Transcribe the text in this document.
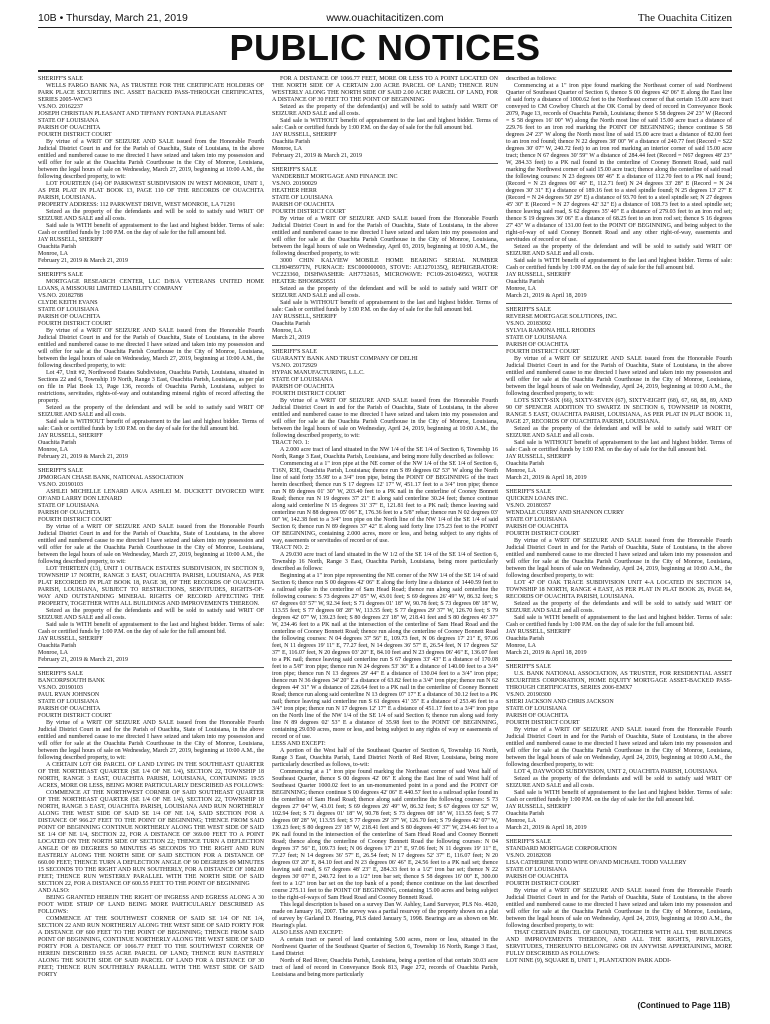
10B • Thursday, March 21, 2019	www.ouachitacitizen.com	The Ouachita Citizen
PUBLIC NOTICES

SHERIFF'S SALE

WELLS FARGO BANK NA, AS TRUSTEE FOR THE CERTIFICATE HOLDERS OF PARK PLACE SECURITIES INC. ASSET BACKED PASS-THROUGH CERTIFICATES, SERIES 2005-WCW3

VS.NO. 20162237

JOSEPH CHRISTIAN PLEASANT AND TIFFANY FONTANA PLEASANT

STATE OF LOUISIANA

PARISH OF OUACHITA

FOURTH DISTRICT COURT

By virtue of a WRIT OF SEIZURE AND SALE issued from the Honorable Fourth Judicial District Court in and for the Parish of Ouachita, State of Louisiana, in the above entitled and numbered cause to me directed I have seized and taken into my possession and will offer for sale at the Ouachita Parish Courthouse in the City of Monroe, Louisiana, between the legal hours of sale on Wednesday, March 27, 2019, beginning at 10:00 A.M., the following described property, to wit:

LOT FOURTEEN (14) OF PARKWEST SUBDIVISION IN WEST MONROE, UNIT 1, AS PER PLAT IN PLAT BOOK 13, PAGE 110 OF THE RECORDS OF OUACHITA PARISH, LOUISIANA.

PROPERTY ADDRESS: 112 PARKWEST DRIVE, WEST MONROE, LA 71291

Seized as the property of the defendants and will be sold to satisfy said WRIT OF SEIZURE AND SALE and all costs.

Said sale is WITH benefit of appraisement to the last and highest bidder. Terms of sale: Cash or certified funds by 1:00 P.M. on the day of sale for the full amount bid.

JAY RUSSELL, SHERIFF

Ouachita Parish

Monroe, LA

February 21, 2019 & March 21, 2019

SHERIFF'S SALE

MORTGAGE RESEARCH CENTER, LLC D/B/A VETERANS UNITED HOME LOANS, A MISSOURI LIMITED LIABILITY COMPANY

VS.NO. 20182788

CLYDE KEITH EVANS

STATE OF LOUISIANA

PARISH OF OUACHITA

FOURTH DISTRICT COURT

By virtue of a WRIT OF SEIZURE AND SALE issued from the Honorable Fourth Judicial District Court in and for the Parish of Ouachita, State of Louisiana, in the above entitled and numbered cause to me directed I have seized and taken into my possession and will offer for sale at the Ouachita Parish Courthouse in the City of Monroe, Louisiana, between the legal hours of sale on Wednesday, March 27, 2019, beginning at 10:00 A.M., the following described property, to wit:

Lot 47, Unit #2, Northwood Estates Subdivision, Ouachita Parish, Louisiana, situated in Sections 22 and 6, Township 19 North, Range 3 East, Ouachita Parish, Louisiana, as per plat on file in Plat Book 13, Page 136, records of Ouachita Parish, Louisiana, subject to restrictions, servitudes, rights-of-way and outstanding mineral rights of record affecting the property.

Seized as the property of the defendant and will be sold to satisfy said WRIT OF SEIZURE AND SALE and all costs.

Said sale is WITHOUT benefit of appraisement to the last and highest bidder. Terms of sale: Cash or certified funds by 1:00 P.M. on the day of sale for the full amount bid.

JAY RUSSELL, SHERIFF

Ouachita Parish

Monroe, LA

February 21, 2019 & March 21, 2019

SHERIFF'S SALE

JPMORGAN CHASE BANK, NATIONAL ASSOCIATION

VS.NO. 20190103

ASHLEI MICHELLE LENARD A/K/A ASHLEI M. DUCKETT DIVORCED WIFE OF/AND LARRY DON LENARD

STATE OF LOUISIANA

PARISH OF OUACHITA

FOURTH DISTRICT COURT

By virtue of a WRIT OF SEIZURE AND SALE issued from the Honorable Fourth Judicial District Court in and for the Parish of Ouachita, State of Louisiana, in the above entitled and numbered cause to me directed I have seized and taken into my possession and will offer for sale at the Ouachita Parish Courthouse in the City of Monroe, Louisiana, between the legal hours of sale on Wednesday, March 27, 2019, beginning at 10:00 A.M., the following described property, to wit:

LOT THIRTEEN (13), UNIT 1 OUTBACK ESTATES SUBDIVISION, IN SECTION 9, TOWNSHIP 17 NORTH, RANGE 3 EAST, OUACHITA PARISH, LOUISIANA, AS PER PLAT RECORDED IN PLAT BOOK 18, PAGE 38, OF THE RECORDS OF OUACHITA PARISH, LOUISIANA, SUBJECT TO RESTRICTIONS, SERVITUDES, RIGHTS-OF-WAY AND OUTSTANDING MINERAL RIGHTS OF RECORD AFFECTING THE PROPERTY, TOGETHER WITH ALL BUILDINGS AND IMPROVEMENTS THEREON.

Seized as the property of the defendants and will be sold to satisfy said WRIT OF SEIZURE AND SALE and all costs.

Said sale is WITH benefit of appraisement to the last and highest bidder. Terms of sale: Cash or certified funds by 1:00 P.M. on the day of sale for the full amount bid.

JAY RUSSELL, SHERIFF

Ouachita Parish

Monroe, LA

February 21, 2019 & March 21, 2019

SHERIFF'S SALE

BANCORPSOUTH BANK

VS.NO. 20190103

PAUL RYAN JOHNSON

STATE OF LOUISIANA

PARISH OF OUACHITA

FOURTH DISTRICT COURT

By virtue of a WRIT OF SEIZURE AND SALE issued from the Honorable Fourth Judicial District Court in and for the Parish of Ouachita, State of Louisiana, in the above entitled and numbered cause to me directed I have seized and taken into my possession and will offer for sale at the Ouachita Parish Courthouse in the City of Monroe, Louisiana, between the legal hours of sale on Wednesday, March 27, 2019, beginning at 10:00 A.M., the following described property, to wit:

A CERTAIN LOT OR PARCEL OF LAND LYING IN THE SOUTHEAST QUARTER OF THE NORTHEAST QUARTER (SE 1/4 OF NE 1/4), SECTION 22, TOWNSHIP 18 NORTH, RANGE 3 EAST, OUACHITA PARISH, LOUISIANA, CONTAINING 19.55 ACRES, MORE OR LESS, BEING MORE PARTICULARLY DESCRIBED AS FOLLOWS:

COMMENCE AT THE NORTHWEST CORNER OF SAID SOUTHEAST QUARTER OF THE NORTHEAST QUARTER (SE 1/4 OF NE 1/4), SECTION 22, TOWNSHIP 18 NORTH, RANGE 3 EAST, OUACHITA PARISH, LOUISIANA AND RUN NORTHERLY ALONG THE WEST SIDE OF SAID SE 1/4 OF NE 1/4, SAID SECTION FOR A DISTANCE OF 966.27 FEET TO THE POINT OF BEGINNING; THENCE FROM SAID POINT OF BEGINNING CONTINUE NORTHERLY ALONG THE WEST SIDE OF SAID SE 1/4 OF NE 1/4, SECTION 22, FOR A DISTANCE OF 369.00 FEET TO A POINT LOCATED ON THE NORTH SIDE OF SECTION 22; THENCE TURN A DEFLECTION ANGLE OF 89 DEGREES 50 MINUTES 45 SECONDS TO THE RIGHT AND RUN EASTERLY ALONG THE NORTH SIDE OF SAID SECTION FOR A DISTANCE OF 660.00 FEET; THENCE TURN A DEFLECTION ANGLE OF 90 DEGREES 09 MINUTES 15 SECONDS TO THE RIGHT AND RUN SOUTHERLY, FOR A DISTANCE OF 1082.00 FEET; THENCE RUN WESTERLY PARALLEL WITH THE NORTH SIDE OF SAID SECTION 22, FOR A DISTANCE OF 600.55 FEET TO THE POINT OF BEGINNING

AND ALSO:

BEING GRANTED HEREIN THE RIGHT OF INGRESS AND EGRESS ALONG A 30 FOOT WIDE STRIP OF LAND BEING MORE PARTICULARLY DESCRIBED AS FOLLOWS:

COMMENCE AT THE SOUTHWEST CORNER OF SAID SE 1/4 OF NE 1/4, SECTION 22 AND RUN NORTHERLY ALONG THE WEST SIDE OF SAID FORTY FOR A DISTANCE OF 600 FEET TO THE POINT OF BEGINNING; THENCE FROM SAID POINT OF BEGINNING, CONTINUE NORTHERLY ALONG THE WEST SIDE OF SAID FORTY FOR A DISTANCE OF 1066.77 FEET TO THE SOUTHWEST CORNER OF HEREIN DESCRIBED 19.55 ACRE PARCEL OF LAND; THENCE RUN EASTERLY ALONG THE SOUTH SIDE OF SAID PARCEL OF LAND FOR A DISTANCE OF 30 FEET; THENCE RUN SOUTHERLY PARALLEL WITH THE WEST SIDE OF SAID FORTY

FOR A DISTANCE OF 1066.77 FEET, MORE OR LESS TO A POINT LOCATED ON THE NORTH SIDE OF A CERTAIN 2.00 ACRE PARCEL OF LAND; THENCE RUN WESTERLY ALONG THE NORTH SIDE OF SAID 2.00 ACRE PARCEL OF LAND, FOR A DISTANCE OF 30 FEET TO THE POINT OF BEGINNING

Seized as the property of the defendant(s) and will be sold to satisfy said WRIT OF SEIZURE AND SALE and all costs.

Said sale is WITHOUT benefit of appraisement to the last and highest bidder. Terms of sale: Cash or certified funds by 1:00 P.M. on the day of sale for the full amount bid.

JAY RUSSELL, SHERIFF

Ouachita Parish

Monroe, LA

February 21, 2019 & March 21, 2019

SHERIFF'S SALE

VANDERBILT MORTGAGE AND FINANCE INC

VS.NO. 20190029

HEATHER HERR

STATE OF LOUISIANA

PARISH OF OUACHITA

FOURTH DISTRICT COURT

By virtue of a WRIT OF SEIZURE AND SALE issued from the Honorable Fourth Judicial District Court in and for the Parish of Ouachita, State of Louisiana, in the above entitled and numbered cause to me directed I have seized and taken into my possession and will offer for sale at the Ouachita Parish Courthouse in the City of Monroe, Louisiana, between the legal hours of sale on Wednesday, April 03, 2019, beginning at 10:00 A.M., the following described property, to wit:

3000 CHIN KALVIEW MOBILE HOME BEARING SERIAL NUMBER CLH048597TN, FURNACE: ESC000000003, STOVE: AE1270135Q, REFRIGERATOR: VC223360, DISHWASHER: AH7732615, MICROWAVE: FC109-261049563, WATER HEATER: BHO69B29551

Seized as the property of the defendant and will be sold to satisfy said WRIT OF SEIZURE AND SALE and all costs.

Said sale is WITHOUT benefit of appraisement to the last and highest bidder. Terms of sale: Cash or certified funds by 1:00 P.M. on the day of sale for the full amount bid.

JAY RUSSELL, SHERIFF

Ouachita Parish

Monroe, LA

March 21, 2019

SHERIFF'S SALE

GUARANTY BANK AND TRUST COMPANY OF DELHI

VS.NO. 20172929

HYPAK MANUFACTURING, L.L.C.

STATE OF LOUISIANA

PARISH OF OUACHITA

FOURTH DISTRICT COURT

By virtue of a WRIT OF SEIZURE AND SALE issued from the Honorable Fourth Judicial District Court in and for the Parish of Ouachita, State of Louisiana, in the above entitled and numbered cause to me directed I have seized and taken into my possession and will offer for sale at the Ouachita Parish Courthouse in the City of Monroe, Louisiana, between the legal hours of sale on Wednesday, April 24, 2019, beginning at 10:00 A.M., the following described property, to wit:

TRACT NO. 1:

A 2.000 acre tract of land situated in the NW 1/4 of the SE 1/4 of Section 6, Township 16 North, Range 3 East, Ouachita Parish, Louisiana, and being more fully described as follows:

Commencing at a 1" iron pipe at the NE corner of the NW 1/4 of the SE 1/4 of Section 6, T16N, R3E, Ouachita Parish, Louisiana; thence run S 89 degrees 02' 53" W along the North line of said forty 35.98' to a 3/4" iron pipe, being the POINT OF BEGINNING of the tract herein described; thence run S 17 degrees 12' 17" W, 451.17 feet to a 3/4" iron pipe; thence run N 89 degrees 01' 30" W, 203.40 feet to a PK nail in the centerline of Cooney Bonnett Road; thence run N 19 degrees 37' 21" E along said centerline 30.24 feet; thence continue along said centerline N 15 degrees 31' 37" E, 121.81 feet to a PK nail; thence leaving said centerline run N 88 degrees 05' 06" E, 176.36 feet to a 5/8" rebar; thence run N 02 degrees 03' 00" W, 142.38 feet to a 3/4" iron pipe on the North line of the NW 1/4 of the SE 1/4 of said Section 6; thence run N 89 degrees 37' 42" E along said forty line 175.23 feet to the POINT OF BEGINNING, containing 2.000 acres, more or less, and being subject to any rights of way, easements or servitudes of record or of use.

TRACT NO. 2:

A 29.030 acre tract of land situated in the W 1/2 of the SE 1/4 of the SE 1/4 of Section 6, Township 16 North, Range 3 East, Ouachita Parish, Louisiana, being more particularly described as follows:

Beginning at a 1" iron pipe representing the NE corner of the NW 1/4 of the SE 1/4 of said Section 6; thence run S 00 degrees 42' 06" E along the forty line a distance of 1440.59 feet to a railroad spike in the centerline of Sam Head Road; thence run along said centerline the following courses: S 73 degrees 27' 05" W, 43.01 feet; S 69 degrees 26' 49" W, 86.32 feet; S 67 degrees 03' 57" W, 92.34 feet; S 71 degrees 01' 18" W, 90.78 feet; S 73 degrees 08' 18" W, 113.55 feet; S 77 degrees 08' 28" W, 113.55 feet; S 77 degrees 29' 37" W, 126.70 feet; S 79 degrees 42' 07" W, 139.23 feet; S 80 degrees 23' 18" W, 218.41 feet and S 80 degrees 46' 37" W, 234.46 feet to a PK nail at the intersection of the centerline of Sam Head Road and the centerline of Cooney Bonnett Road; thence run along the centerline of Cooney Bonnett Road the following courses: N 04 degrees 37' 56" E, 109.73 feet, N 06 degrees 17' 21" E, 97.06 feet, N 11 degrees 19' 11" E, 77.27 feet, N 14 degrees 36' 57" E, 26.54 feet, N 17 degrees 52' 37" E, 116.07 feet, N 20 degrees 03' 20" E, 84.10 feet and N 23 degrees 06' 46" E, 136.07 feet to a PK nail; thence leaving said centerline run S 67 degrees 33' 43" E a distance of 170.08 feet to a 5/8" iron pipe; thence run N 24 degrees 53' 36" E a distance of 140.00 feet to a 3/4" iron pipe; thence run N 13 degrees 29' 44" E a distance of 130.04 feet to a 3/4" iron pipe; thence run N 36 degrees 34' 20" E a distance of 63.82 feet to a 3/4" iron pipe; thence run N 62 degrees 44' 31" W a distance of 226.64 feet to a PK nail in the centerline of Cooney Bonnett Road; thence run along said centerline N 13 degrees 07' 17" E a distance of 30.12 feet to a PK nail; thence leaving said centerline run S 61 degrees 41' 35" E a distance of 253.46 feet to a 3/4" iron pipe; thence run N 17 degrees 12' 17" E a distance of 451.17 feet to a 3/4" iron pipe on the North line of the NW 1/4 of the SE 1/4 of said Section 6; thence run along said forty line N 89 degrees 02' 53" E a distance of 35.98 feet to the POINT OF BEGINNING, containing 29.030 acres, more or less, and being subject to any rights of way or easements of record or of use.

LESS AND EXCEPT:

A portion of the West half of the Southeast Quarter of Section 6, Township 16 North, Range 3 East, Ouachita Parish, Land District North of Red River, Louisiana, being more particularly described as follows, to-wit:

Commencing at a 1" iron pipe found marking the Northeast corner of said West half of Southeast Quarter, thence S 00 degrees 42' 06" E along the East line of said West half of Southeast Quarter 1000.02 feet to an un-monumented point in a pond and the POINT OF BEGINNING; thence continue S 00 degrees 42' 06" E 440.57 feet to a railroad spike found in the centerline of Sam Head Road; thence along said centerline the following courses: S 73 degrees 27' 04" W, 43.01 feet; S 69 degrees 26' 49" W, 86.32 feet; S 67 degrees 03' 52" W, 102.94 feet; S 71 degrees 01' 18" W, 90.78 feet; S 73 degrees 08' 18" W, 113.55 feet; S 77 degrees 08' 28" W, 113.55 feet; S 77 degrees 29' 37" W, 126.70 feet; S 79 degrees 42' 07" W, 139.23 feet; S 80 degrees 23' 18" W, 218.41 feet and S 80 degrees 46' 37" W, 234.46 feet to a PK nail found in the intersection of the centerline of Sam Head Road and Cooney Bonnett Road; thence along the centerline of Cooney Bonnett Road the following courses: N 04 degrees 37' 56" E, 109.73 feet; N 06 degrees 17' 21" E, 97.06 feet; N 11 degrees 19' 11" E, 77.27 feet; N 14 degrees 36' 57" E, 26.54 feet; N 17 degrees 52' 37" E, 116.07 feet; N 20 degrees 03' 20" E, 84.10 feet and N 23 degrees 06' 46" E, 24.56 feet to a PK nail set; thence leaving said road, S 67 degrees 48' 23" E, 284.33 feet to a 1/2" iron bar set; thence N 22 degrees 30' 07" E, 240.72 feet to a 1/2" iron bar set; thence S 58 degrees 16' 00" E, 300.00 feet to a 1/2" iron bar set on the top bank of a pond; thence continue on the last described course 275.11 feet to the POINT OF BEGINNING, containing 15.00 acres and being subject to the right-of-ways of Sam Head Road and Cooney Bonnett Road.

This legal description is based on a survey Dan W. Ashley, Land Surveyor, PLS No. 4620, made on January 16, 2007. The survey was a partial resurvey of the property shown on a plat of survey by Garland D. Hearing, PLS dated January 5, 1998. Bearings are as shown on Mr. Hearing's plat.

ALSO LESS AND EXCEPT:

A certain tract or parcel of land containing 5.00 acres, more or less, situated in the Northwest Quarter of the Southeast Quarter of Section 6, Township 16 North, Range 3 East, Land District

North of Red River, Ouachita Parish, Louisiana, being a portion of that certain 30.03 acre tract of land of record in Conveyance Book 813, Page 272, records of Ouachita Parish, Louisiana and being more particularly

described as follows:

Commencing at a 1" iron pipe found marking the Northeast corner of said Northwest Quarter of Southeast Quarter of Section 6, thence S 00 degrees 42' 06" E along the East line of said forty a distance of 1000.62 feet to the Northeast corner of that certain 15.00 acre tract conveyed to CM Cowboy Church at the OK Corral by deed of record in Conveyance Book 2079, Page 13, records of Ouachita Parish, Louisiana; thence S 58 degrees 24' 23" W (Record = S 58 degrees 16' 00" W) along the North most line of said 15.00 acre tract a distance of 229.76 feet to an iron rod marking the POINT OF BEGINNING; thence continue S 58 degrees 24' 23" W along the North most line of said 15.00 acre tract a distance of 82.00 feet to an iron rod found; thence N 22 degrees 38' 00" W a distance of 240.77 feet (Record = S22 degrees 30' 07" W, 240.72 feet) to an iron rod marking an interior corner of said 15.00 acre tract; thence N 67 degrees 30' 59" W a distance of 284.44 feet (Record = N67 degrees 48' 23" W, 284.33 feet) to a PK nail found in the centerline of Cooney Bonnett Road, said nail marking the Northwest corner of said 15.00 acre tract; thence along the centerline of said road the following courses: N 23 degrees 08' 46" E a distance of 112.70 feet to a PK nail found; (Record = N 23 degrees 06' 46" E, 112.71 feet) N 24 degrees 33' 28" E (Record = N 24 degrees 30' 31" E) a distance of 189.16 feet to a steel spindle found; N 25 degrees 13' 27" E (Record = N 24 degrees 50' 29" E) a distance of 93.70 feet to a steel spindle set; N 27 degrees 45' 30" E (Record = N 27 degrees 42' 32" E) a distance of 108.73 feet to a steel spindle set; thence leaving said road, S 62 degrees 35' 40" E a distance of 279.03 feet to an iron rod set; thence S 19 degrees 36' 06" E a distance of 68.25 feet to an iron rod set; thence S 16 degrees 27' 43" W a distance of 131.00 feet to the POINT OF BEGINNING, and being subject to the right-of-way of said Cooney Bonnett Road and any other right-of-way, easements and servitudes of record or of use.

Seized as the property of the defendant and will be sold to satisfy said WRIT OF SEIZURE AND SALE and all costs.

Said sale is WITH benefit of appraisement to the last and highest bidder. Terms of sale: Cash or certified funds by 1:00 P.M. on the day of sale for the full amount bid.

JAY RUSSELL, SHERIFF

Ouachita Parish

Monroe, LA

March 21, 2019 & April 18, 2019

SHERIFF'S SALE

REVERSE MORTGAGE SOLUTIONS, INC.

VS.NO. 20183092

SYLVIA RAMONA HILL RHODES

STATE OF LOUISIANA

PARISH OF OUACHITA

FOURTH DISTRICT COURT

By virtue of a WRIT OF SEIZURE AND SALE issued from the Honorable Fourth Judicial District Court in and for the Parish of Ouachita, State of Louisiana, in the above entitled and numbered cause to me directed I have seized and taken into my possession and will offer for sale at the Ouachita Parish Courthouse in the City of Monroe, Louisiana, between the legal hours of sale on Wednesday, April 24, 2019, beginning at 10:00 A.M., the following described property, to wit:

LOTS SIXTY-SIX (66), SIXTY-SEVEN (67), SIXTY-EIGHT (68), 67, 68, 88, 89, AND 90 OF SPENCER ADDITION TO SWARTZ IN SECTION 6, TOWNSHIP 18 NORTH, RANGE 5 EAST, OUACHITA PARISH, LOUISIANA, AS PER PLAT IN PLAT BOOK 11, PAGE 27, RECORDS OF OUACHITA PARISH, LOUISIANA.

Seized as the property of the defendant and will be sold to satisfy said WRIT OF SEIZURE AND SALE and all costs.

Said sale is WITHOUT benefit of appraisement to the last and highest bidder. Terms of sale: Cash or certified funds by 1:00 P.M. on the day of sale for the full amount bid.

JAY RUSSELL, SHERIFF

Ouachita Parish

Monroe, LA

March 21, 2019 & April 18, 2019

SHERIFF'S SALE

QUICKEN LOANS INC.

VS.NO. 20180357

WENDALE CURRY AND SHANNON CURRY

STATE OF LOUISIANA

PARISH OF OUACHITA

FOURTH DISTRICT COURT

By virtue of a WRIT OF SEIZURE AND SALE issued from the Honorable Fourth Judicial District Court in and for the Parish of Ouachita, State of Louisiana, in the above entitled and numbered cause to me directed I have seized and taken into my possession and will offer for sale at the Ouachita Parish Courthouse in the City of Monroe, Louisiana, between the legal hours of sale on Wednesday, April 24, 2019, beginning at 10:00 A.M., the following described property, to wit:

LOT 47 OF OAK TRACE SUBDIVISION UNIT 4-A LOCATED IN SECTION 14, TOWNSHIP 18 NORTH, RANGE 4 EAST, AS PER PLAT IN PLAT BOOK 26, PAGE 84, RECORDS OF OUACHITA PARISH, LOUISIANA.

Seized as the property of the defendants and will be sold to satisfy said WRIT OF SEIZURE AND SALE and all costs.

Said sale is WITH benefit of appraisement to the last and highest bidder. Terms of sale: Cash or certified funds by 1:00 P.M. on the day of sale for the full amount bid.

JAY RUSSELL, SHERIFF

Ouachita Parish

Monroe, LA

March 21, 2019 & April 18, 2019

SHERIFF'S SALE

U.S. BANK NATIONAL ASSOCIATION, AS TRUSTEE, FOR RESIDENTIAL ASSET SECURITIES CORPORATION, HOME EQUITY MORTGAGE ASSET-BACKED PASS-THROUGH CERTIFICATES, SERIES 2006-EMX7

VS.NO. 20190300

SHERI JACKSON AND CHRIS JACKSON

STATE OF LOUISIANA

PARISH OF OUACHITA

FOURTH DISTRICT COURT

By virtue of a WRIT OF SEIZURE AND SALE issued from the Honorable Fourth Judicial District Court in and for the Parish of Ouachita, State of Louisiana, in the above entitled and numbered cause to me directed I have seized and taken into my possession and will offer for sale at the Ouachita Parish Courthouse in the City of Monroe, Louisiana, between the legal hours of sale on Wednesday, April 24, 2019, beginning at 10:00 A.M., the following described property, to wit:

LOT 4, DAYWOOD SUBDIVISION, UNIT 2, OUACHITA PARISH, LOUISIANA

Seized as the property of the defendants and will be sold to satisfy said WRIT OF SEIZURE AND SALE and all costs.

Said sale is WITH benefit of appraisement to the last and highest bidder. Terms of sale: Cash or certified funds by 1:00 P.M. on the day of sale for the full amount bid.

JAY RUSSELL, SHERIFF

Ouachita Parish

Monroe, LA

March 21, 2019 & April 18, 2019

SHERIFF'S SALE

STANDARD MORTGAGE CORPORATION

VS.NO. 20182038

LISA CATHERINE TODD WIFE OF/AND MICHAEL TODD VALLERY

STATE OF LOUISIANA

PARISH OF OUACHITA

FOURTH DISTRICT COURT

By virtue of a WRIT OF SEIZURE AND SALE issued from the Honorable Fourth Judicial District Court in and for the Parish of Ouachita, State of Louisiana, in the above entitled and numbered cause to me directed I have seized and taken into my possession and will offer for sale at the Ouachita Parish Courthouse in the City of Monroe, Louisiana, between the legal hours of sale on Wednesday, April 24, 2019, beginning at 10:00 A.M., the following described property, to wit:

THAT CERTAIN PARCEL OF GROUND, TOGETHER WITH ALL THE BUILDINGS AND IMPROVEMENTS THEREON, AND ALL THE RIGHTS, PRIVILEGES, SERVITUDES, THEREUNTO BELONGING OR IN ANYWISE APPERTAINING, MORE FULLY DESCRIBED AS FOLLOWS:

LOT NINE (9), SQUARE B, UNIT 1, PLANTATION PARK ADDI-

(Continued to Page 11B)
